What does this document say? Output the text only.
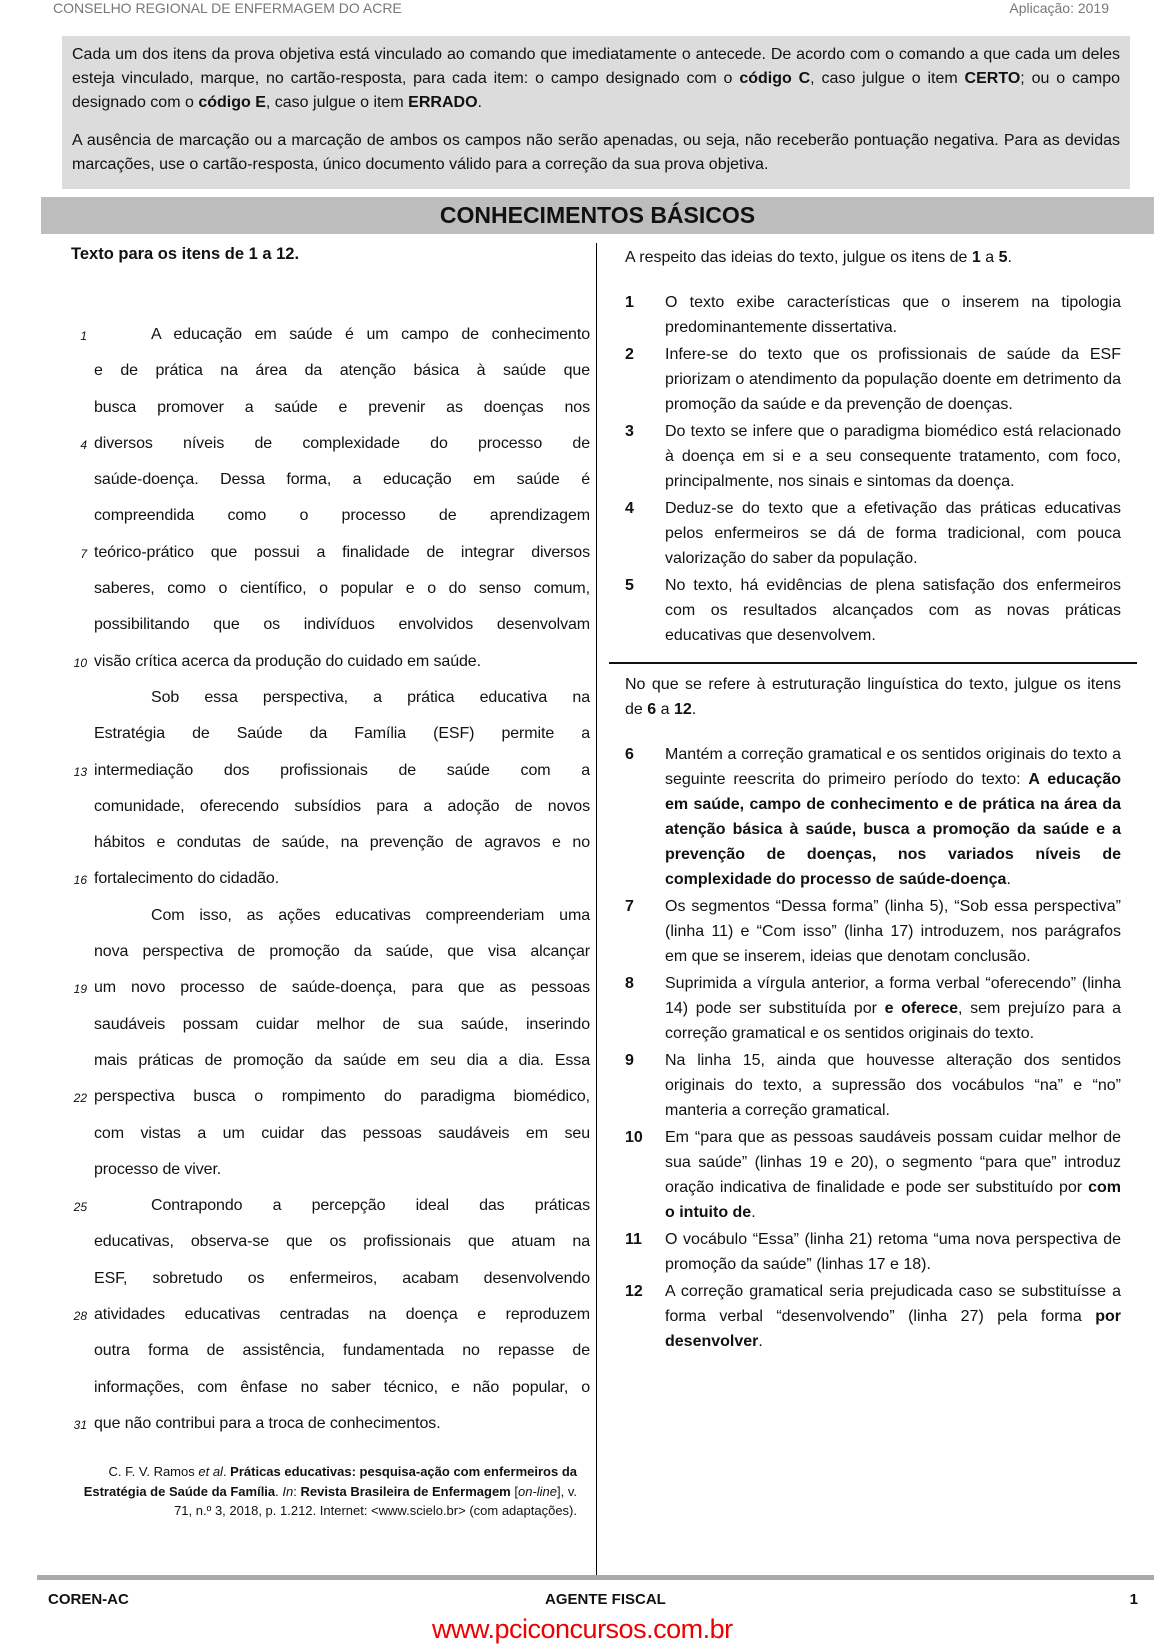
CONSELHO REGIONAL DE ENFERMAGEM DO ACRE	Aplicação: 2019

Cada um dos itens da prova objetiva está vinculado ao comando que imediatamente o antecede. De acordo com o comando a que cada um deles esteja vinculado, marque, no cartão-resposta, para cada item: o campo designado com o código C, caso julgue o item CERTO; ou o campo designado com o código E, caso julgue o item ERRADO.

A ausência de marcação ou a marcação de ambos os campos não serão apenadas, ou seja, não receberão pontuação negativa. Para as devidas marcações, use o cartão-resposta, único documento válido para a correção da sua prova objetiva.

CONHECIMENTOS BÁSICOS
Texto para os itens de 1 a 12.
1	A educação em saúde é um campo de conhecimento
e de prática na área da atenção básica à saúde que
busca promover a saúde e prevenir as doenças nos
4 diversos níveis de complexidade do processo de
saúde-doença. Dessa forma, a educação em saúde é
compreendida como o processo de aprendizagem
7 teórico-prático que possui a finalidade de integrar diversos
saberes, como o científico, o popular e o do senso comum,
possibilitando que os indivíduos envolvidos desenvolvam
10 visão crítica acerca da produção do cuidado em saúde.
Sob essa perspectiva, a prática educativa na
Estratégia de Saúde da Família (ESF) permite a
13 intermediação dos profissionais de saúde com a
comunidade, oferecendo subsídios para a adoção de novos
hábitos e condutas de saúde, na prevenção de agravos e no
16 fortalecimento do cidadão.
Com isso, as ações educativas compreenderiam uma
nova perspectiva de promoção da saúde, que visa alcançar
19 um novo processo de saúde-doença, para que as pessoas
saudáveis possam cuidar melhor de sua saúde, inserindo
mais práticas de promoção da saúde em seu dia a dia. Essa
22 perspectiva busca o rompimento do paradigma biomédico,
com vistas a um cuidar das pessoas saudáveis em seu
processo de viver.
25	Contrapondo a percepção ideal das práticas
educativas, observa-se que os profissionais que atuam na
ESF, sobretudo os enfermeiros, acabam desenvolvendo
28 atividades educativas centradas na doença e reproduzem
outra forma de assistência, fundamentada no repasse de
informações, com ênfase no saber técnico, e não popular, o
31 que não contribui para a troca de conhecimentos.
C. F. V. Ramos et al. Práticas educativas: pesquisa-ação com enfermeiros da Estratégia de Saúde da Família. In: Revista Brasileira de Enfermagem [on-line], v. 71, n.º 3, 2018, p. 1.212. Internet: <www.scielo.br> (com adaptações).
A respeito das ideias do texto, julgue os itens de 1 a 5.
1 O texto exibe características que o inserem na tipologia predominantemente dissertativa.
2 Infere-se do texto que os profissionais de saúde da ESF priorizam o atendimento da população doente em detrimento da promoção da saúde e da prevenção de doenças.
3 Do texto se infere que o paradigma biomédico está relacionado à doença em si e a seu consequente tratamento, com foco, principalmente, nos sinais e sintomas da doença.
4 Deduz-se do texto que a efetivação das práticas educativas pelos enfermeiros se dá de forma tradicional, com pouca valorização do saber da população.
5 No texto, há evidências de plena satisfação dos enfermeiros com os resultados alcançados com as novas práticas educativas que desenvolvem.
No que se refere à estruturação linguística do texto, julgue os itens de 6 a 12.
6 Mantém a correção gramatical e os sentidos originais do texto a seguinte reescrita do primeiro período do texto: A educação em saúde, campo de conhecimento e de prática na área da atenção básica à saúde, busca a promoção da saúde e a prevenção de doenças, nos variados níveis de complexidade do processo de saúde-doença.
7 Os segmentos “Dessa forma” (linha 5), “Sob essa perspectiva” (linha 11) e “Com isso” (linha 17) introduzem, nos parágrafos em que se inserem, ideias que denotam conclusão.
8 Suprimida a vírgula anterior, a forma verbal “oferecendo” (linha 14) pode ser substituída por e oferece, sem prejuízo para a correção gramatical e os sentidos originais do texto.
9 Na linha 15, ainda que houvesse alteração dos sentidos originais do texto, a supressão dos vocábulos “na” e “no” manteria a correção gramatical.
10 Em “para que as pessoas saudáveis possam cuidar melhor de sua saúde” (linhas 19 e 20), o segmento “para que” introduz oração indicativa de finalidade e pode ser substituído por com o intuito de.
11 O vocábulo “Essa” (linha 21) retoma “uma nova perspectiva de promoção da saúde” (linhas 17 e 18).
12 A correção gramatical seria prejudicada caso se substituísse a forma verbal “desenvolvendo” (linha 27) pela forma por desenvolver.
COREN-AC	AGENTE FISCAL	1
www.pciconcursos.com.br
